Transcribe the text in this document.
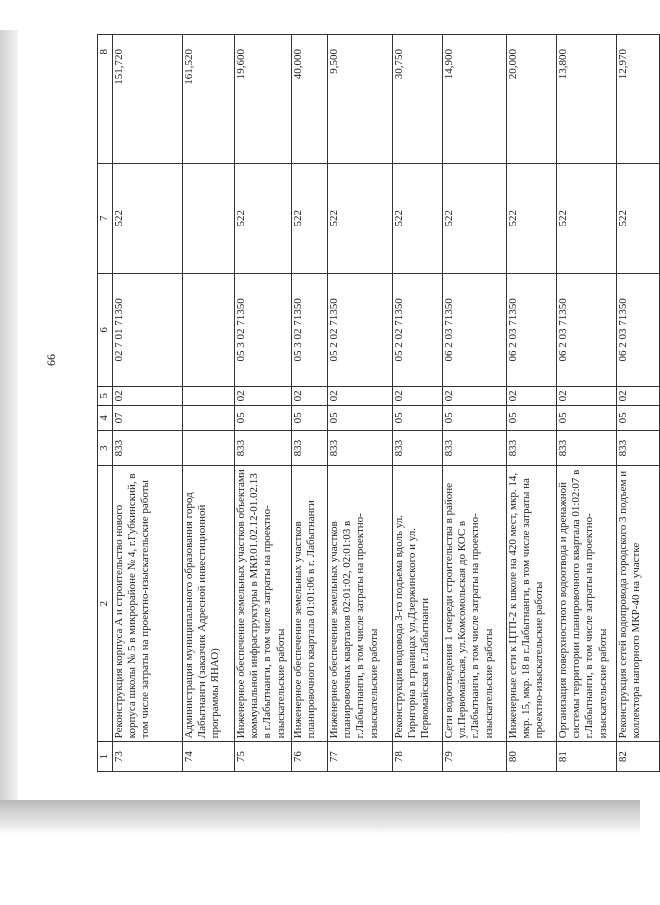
66
1	2	3	4	5	6	7	8
73	Реконструкция корпуса А и строительство нового корпуса школы № 5 в микрорайоне № 4, г.Губкинский, в том числе затраты на проектно-изыскательские работы	833	07	02	02 7 01 71350	522	151,720
74	Администрация муниципального образования город Лабытнанги (заказчик Адресной инвестиционной программы ЯНАО)						161,520
75	Инженерное обеспечение земельных участков объектами коммунальной инфраструктуры в МКР.01.02.12-01.02.13 в г.Лабытнанги, в том числе затраты на проектно-изыскательские работы	833	05	02	05 3 02 71350	522	19,600
76	Инженерное обеспечение земельных участков планировочного квартала 01:01:06 в г. Лабытнанги	833	05	02	05 3 02 71350	522	40,000
77	Инженерное обеспечение земельных участков планировочных кварталов 02:01:02, 02:01:03 в г.Лабытнанги, в том числе затраты на проектно-изыскательские работы	833	05	02	05 2 02 71350	522	9,500
78	Реконструкция водовода 3-го подъема вдоль ул. Гирнгорна в границах ул.Дзержинского и ул. Первомайская в г.Лабытнанги	833	05	02	05 2 02 71350	522	30,750
79	Сети водоотведения 1 очереди строительства в районе ул.Первомайская, ул.Комсомольская до КОС в г.Лабытнанги, в том числе затраты на проектно-изыскательские работы	833	05	02	06 2 03 71350	522	14,900
80	Инженерные сети к ЦТП-2 к школе на 420 мест, мкр. 14, мкр. 15, мкр. 18 в г.Лабытнанги, в том числе затраты на проектно-изыскательские работы	833	05	02	06 2 03 71350	522	20,000
81	Организация поверхностного водоотвода и дренажной системы территории планировочного квартала 01:02:07 в г.Лабытнанги, в том числе затраты на проектно-изыскательские работы	833	05	02	06 2 03 71350	522	13,800
82	Реконструкция сетей водопровода городского 3 подъем и коллектора напорного МКР-40 на участке	833	05	02	06 2 03 71350	522	12,970
